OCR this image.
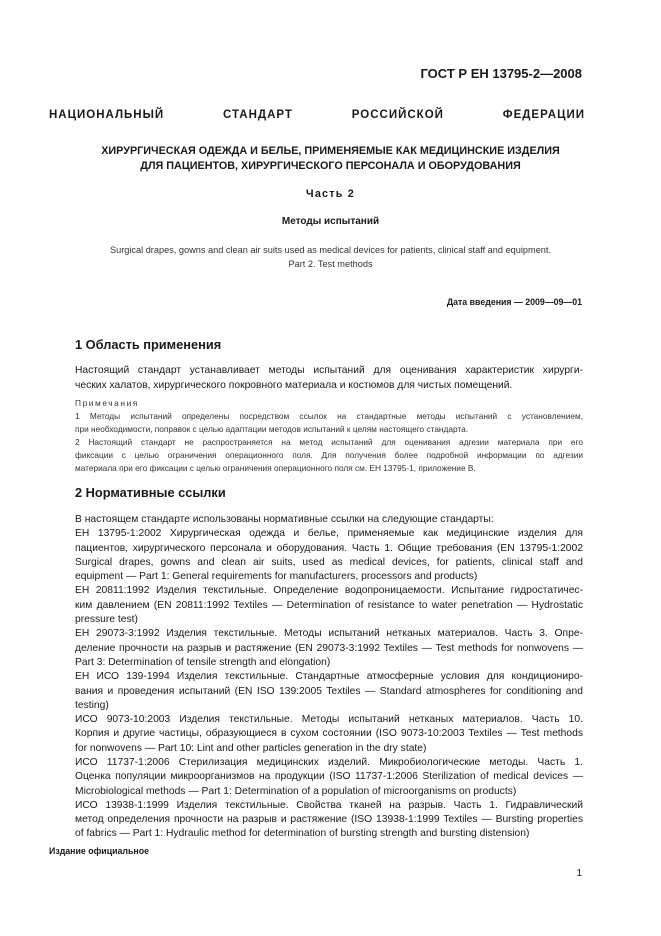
ГОСТ Р ЕН 13795-2—2008
НАЦИОНАЛЬНЫЙ СТАНДАРТ РОССИЙСКОЙ ФЕДЕРАЦИИ
ХИРУРГИЧЕСКАЯ ОДЕЖДА И БЕЛЬЕ, ПРИМЕНЯЕМЫЕ КАК МЕДИЦИНСКИЕ ИЗДЕЛИЯ
ДЛЯ ПАЦИЕНТОВ, ХИРУРГИЧЕСКОГО ПЕРСОНАЛА И ОБОРУДОВАНИЯ
Часть 2
Методы испытаний
Surgical drapes, gowns and clean air suits used as medical devices for patients, clinical staff and equipment.
Part 2. Test methods
Дата введения — 2009—09—01
1 Область применения
Настоящий стандарт устанавливает методы испытаний для оценивания характеристик хирурги-
ческих халатов, хирургического покровного материала и костюмов для чистых помещений.
Примечания
1 Методы испытаний определены посредством ссылок на стандартные методы испытаний с установлением,
при необходимости, поправок с целью адаптации методов испытаний к целям настоящего стандарта.
2 Настоящий стандарт не распространяется на метод испытаний для оценивания адгезии материала при его
фиксации с целью ограничения операционного поля. Для получения более подробной информации по адгезии
материала при его фиксации с целью ограничения операционного поля см. ЕН 13795-1, приложение В.
2 Нормативные ссылки
В настоящем стандарте использованы нормативные ссылки на следующие стандарты:
ЕН 13795-1:2002 Хирургическая одежда и белье, применяемые как медицинские изделия для
пациентов, хирургического персонала и оборудования. Часть 1. Общие требования (EN 13795-1:2002
Surgical drapes, gowns and clean air suits, used as medical devices, for patients, clinical staff and
equipment — Part 1: General requirements for manufacturers, processors and products)
ЕН 20811:1992 Изделия текстильные. Определение водопроницаемости. Испытание гидростатичес-
ким давлением (EN 20811:1992 Textiles — Determination of resistance to water penetration — Hydrostatic
pressure test)
ЕН 29073-3:1992 Изделия текстильные. Методы испытаний нетканых материалов. Часть 3. Опре-
деление прочности на разрыв и растяжение (EN 29073-3:1992 Textiles — Test methods for nonwovens —
Part 3: Determination of tensile strength and elongation)
ЕН ИСО 139-1994 Изделия текстильные. Стандартные атмосферные условия для кондициониро-
вания и проведения испытаний (EN ISO 139:2005 Textiles — Standard atmospheres for conditioning and
testing)
ИСО 9073-10:2003 Изделия текстильные. Методы испытаний нетканых материалов. Часть 10.
Корпия и другие частицы, образующиеся в сухом состоянии (ISO 9073-10:2003 Textiles — Test methods
for nonwovens — Part 10: Lint and other particles generation in the dry state)
ИСО 11737-1:2006 Стерилизация медицинских изделий. Микробиологические методы. Часть 1.
Оценка популяции микроорганизмов на продукции (ISO 11737-1:2006 Sterilization of medical devices —
Microbiological methods — Part 1: Determination of a population of microorganisms on products)
ИСО 13938-1:1999 Изделия текстильные. Свойства тканей на разрыв. Часть 1. Гидравлический
метод определения прочности на разрыв и растяжение (ISO 13938-1:1999 Textiles — Bursting properties
of fabrics — Part 1: Hydraulic method for determination of bursting strength and bursting distension)
Издание официальное
1
